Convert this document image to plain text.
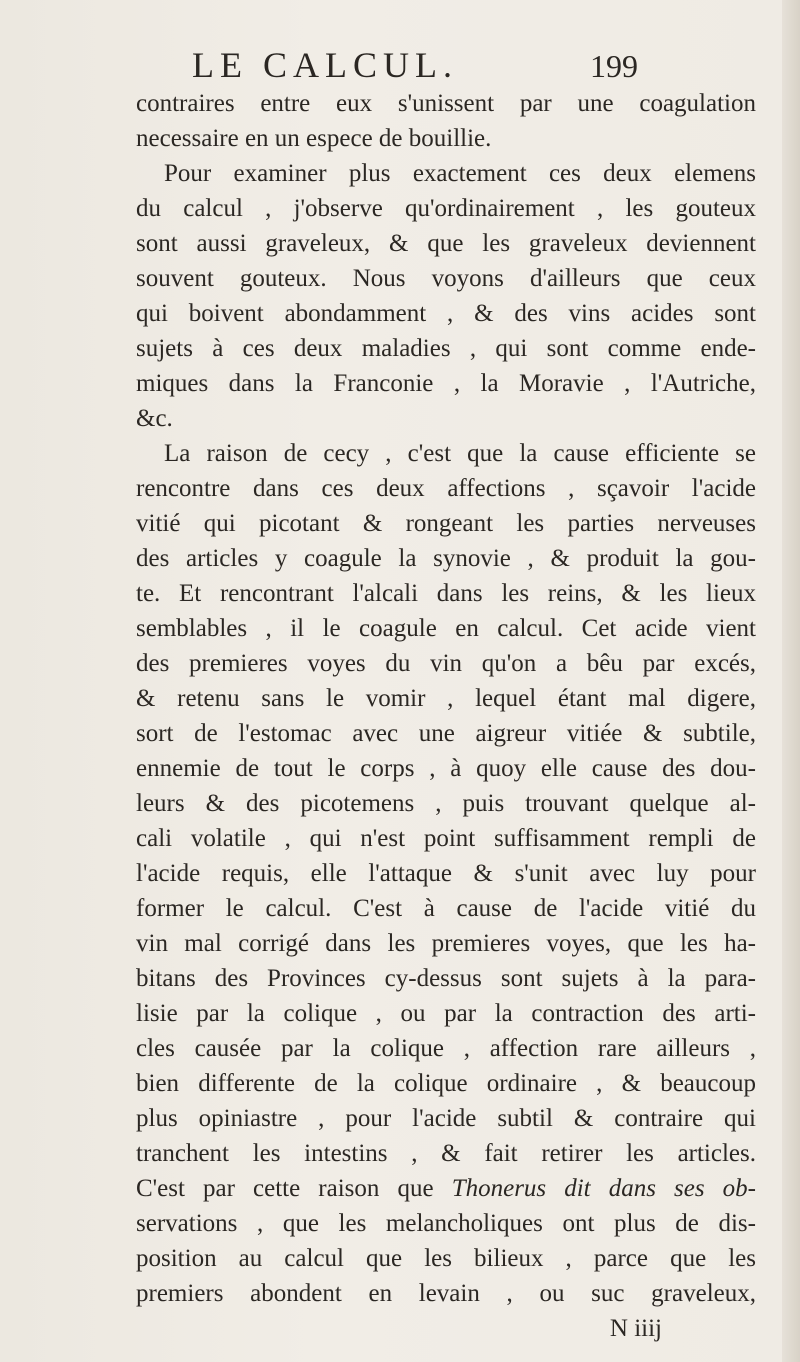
LE CALCUL.	199
contraires entre eux s'unissent par une coagulation
necessaire en un espece de bouillie.
Pour examiner plus exactement ces deux elemens
du calcul , j'observe qu'ordinairement , les gouteux
sont aussi graveleux, & que les graveleux deviennent
souvent gouteux. Nous voyons d'ailleurs que ceux
qui boivent abondamment , & des vins acides sont
sujets à ces deux maladies , qui sont comme ende-
miques dans la Franconie , la Moravie , l'Autriche,
&c.
La raison de cecy , c'est que la cause efficiente se
rencontre dans ces deux affections , sçavoir l'acide
vitié qui picotant & rongeant les parties nerveuses
des articles y coagule la synovie , & produit la gou-
te. Et rencontrant l'alcali dans les reins, & les lieux
semblables , il le coagule en calcul. Cet acide vient
des premieres voyes du vin qu'on a bêu par excés,
& retenu sans le vomir , lequel étant mal digere,
sort de l'estomac avec une aigreur vitiée & subtile,
ennemie de tout le corps , à quoy elle cause des dou-
leurs & des picotemens , puis trouvant quelque al-
cali volatile , qui n'est point suffisamment rempli de
l'acide requis, elle l'attaque & s'unit avec luy pour
former le calcul. C'est à cause de l'acide vitié du
vin mal corrigé dans les premieres voyes, que les ha-
bitans des Provinces cy-dessus sont sujets à la para-
lisie par la colique , ou par la contraction des arti-
cles causée par la colique , affection rare ailleurs ,
bien differente de la colique ordinaire , & beaucoup
plus opiniastre , pour l'acide subtil & contraire qui
tranchent les intestins , & fait retirer les articles.
C'est par cette raison que Thonerus dit dans ses ob-
servations , que les melancholiques ont plus de dis-
position au calcul que les bilieux , parce que les
premiers abondent en levain , ou suc graveleux,
N iiij
